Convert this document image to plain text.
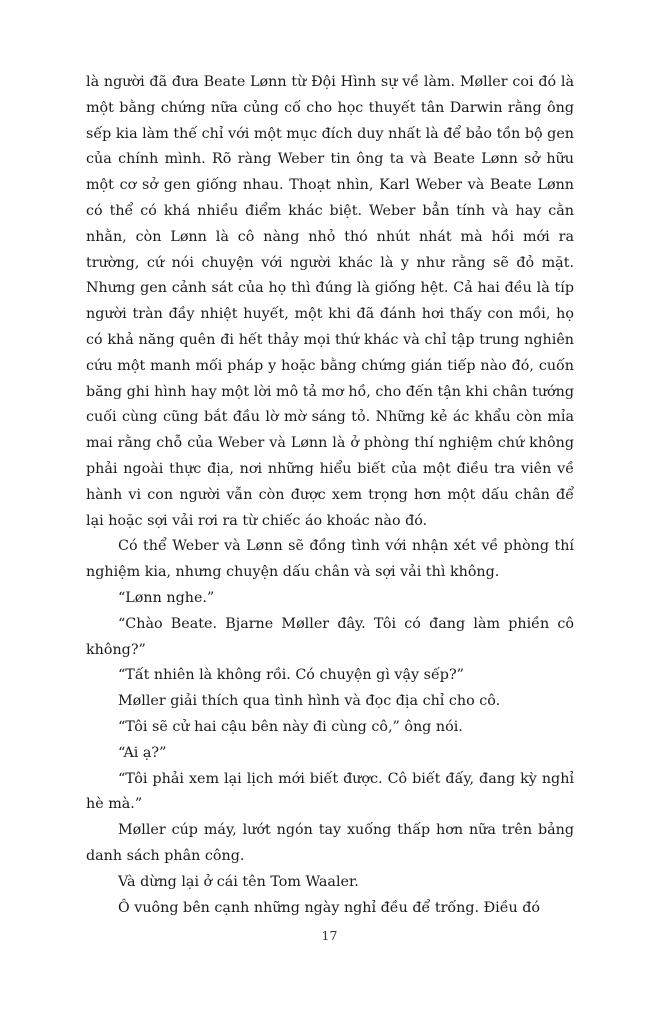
là người đã đưa Beate Lønn từ Đội Hình sự về làm. Møller coi đó là một bằng chứng nữa củng cố cho học thuyết tân Darwin rằng ông sếp kia làm thế chỉ với một mục đích duy nhất là để bảo tồn bộ gen của chính mình. Rõ ràng Weber tin ông ta và Beate Lønn sở hữu một cơ sở gen giống nhau. Thoạt nhìn, Karl Weber và Beate Lønn có thể có khá nhiều điểm khác biệt. Weber bẳn tính và hay cằn nhằn, còn Lønn là cô nàng nhỏ thó nhút nhát mà hồi mới ra trường, cứ nói chuyện với người khác là y như rằng sẽ đỏ mặt. Nhưng gen cảnh sát của họ thì đúng là giống hệt. Cả hai đều là típ người tràn đầy nhiệt huyết, một khi đã đánh hơi thấy con mồi, họ có khả năng quên đi hết thảy mọi thứ khác và chỉ tập trung nghiên cứu một manh mối pháp y hoặc bằng chứng gián tiếp nào đó, cuốn băng ghi hình hay một lời mô tả mơ hồ, cho đến tận khi chân tướng cuối cùng cũng bắt đầu lờ mờ sáng tỏ. Những kẻ ác khẩu còn mỉa mai rằng chỗ của Weber và Lønn là ở phòng thí nghiệm chứ không phải ngoài thực địa, nơi những hiểu biết của một điều tra viên về hành vi con người vẫn còn được xem trọng hơn một dấu chân để lại hoặc sợi vải rơi ra từ chiếc áo khoác nào đó.

Có thể Weber và Lønn sẽ đồng tình với nhận xét về phòng thí nghiệm kia, nhưng chuyện dấu chân và sợi vải thì không.

“Lønn nghe.”

“Chào Beate. Bjarne Møller đây. Tôi có đang làm phiền cô không?”

“Tất nhiên là không rồi. Có chuyện gì vậy sếp?”

Møller giải thích qua tình hình và đọc địa chỉ cho cô.

“Tôi sẽ cử hai cậu bên này đi cùng cô,” ông nói.

“Ai ạ?”

“Tôi phải xem lại lịch mới biết được. Cô biết đấy, đang kỳ nghỉ hè mà.”

Møller cúp máy, lướt ngón tay xuống thấp hơn nữa trên bảng danh sách phân công.

Và dừng lại ở cái tên Tom Waaler.

Ô vuông bên cạnh những ngày nghỉ đều để trống. Điều đó

17
